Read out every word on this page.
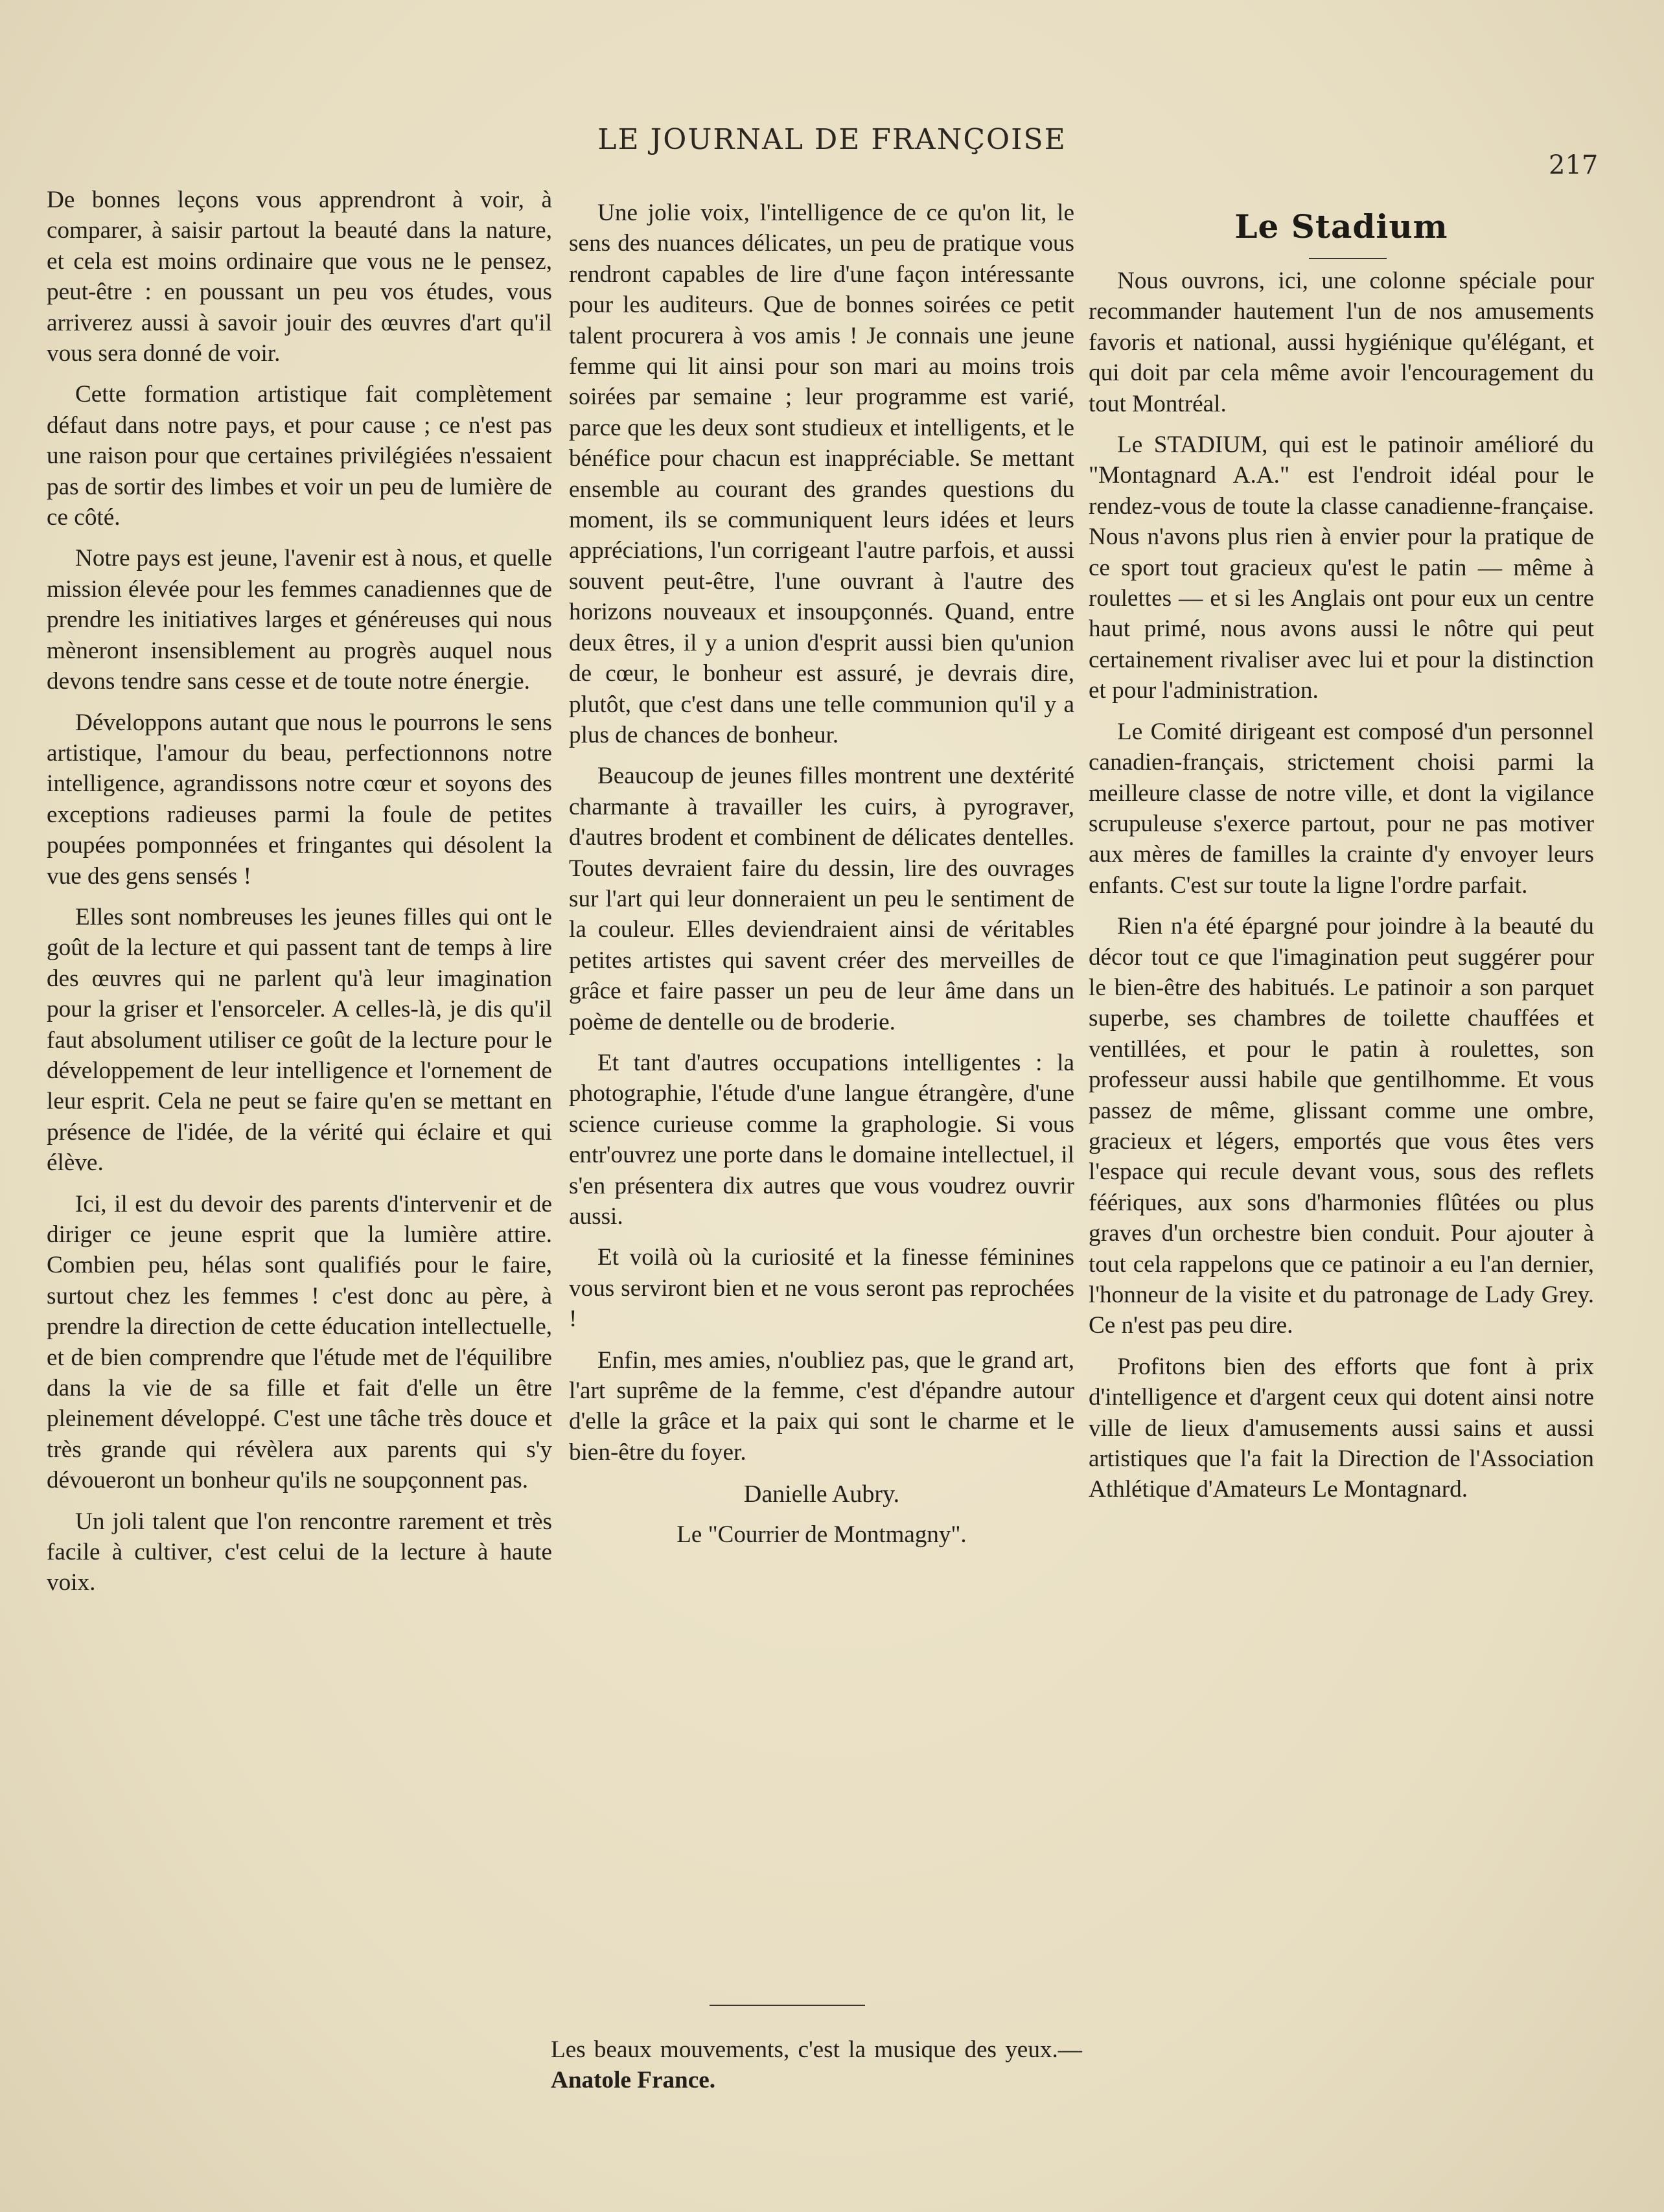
LE JOURNAL DE FRANÇOISE
217

De bonnes leçons vous apprendront à voir, à comparer, à saisir partout la beauté dans la nature, et cela est moins ordinaire que vous ne le pensez, peut-être : en poussant un peu vos études, vous arriverez aussi à savoir jouir des œuvres d'art qu'il vous sera donné de voir.

Cette formation artistique fait complètement défaut dans notre pays, et pour cause ; ce n'est pas une raison pour que certaines privilégiées n'essaient pas de sortir des limbes et voir un peu de lumière de ce côté.

Notre pays est jeune, l'avenir est à nous, et quelle mission élevée pour les femmes canadiennes que de prendre les initiatives larges et généreuses qui nous mèneront insensiblement au progrès auquel nous devons tendre sans cesse et de toute notre énergie.

Développons autant que nous le pourrons le sens artistique, l'amour du beau, perfectionnons notre intelligence, agrandissons notre cœur et soyons des exceptions radieuses parmi la foule de petites poupées pomponnées et fringantes qui désolent la vue des gens sensés !

Elles sont nombreuses les jeunes filles qui ont le goût de la lecture et qui passent tant de temps à lire des œuvres qui ne parlent qu'à leur imagination pour la griser et l'ensorceler. A celles-là, je dis qu'il faut absolument utiliser ce goût de la lecture pour le développement de leur intelligence et l'ornement de leur esprit. Cela ne peut se faire qu'en se mettant en présence de l'idée, de la vérité qui éclaire et qui élève.

Ici, il est du devoir des parents d'intervenir et de diriger ce jeune esprit que la lumière attire. Combien peu, hélas sont qualifiés pour le faire, surtout chez les femmes ! c'est donc au père, à prendre la direction de cette éducation intellectuelle, et de bien comprendre que l'étude met de l'équilibre dans la vie de sa fille et fait d'elle un être pleinement développé. C'est une tâche très douce et très grande qui révèlera aux parents qui s'y dévoueront un bonheur qu'ils ne soupçonnent pas.

Un joli talent que l'on rencontre rarement et très facile à cultiver, c'est celui de la lecture à haute voix.

Une jolie voix, l'intelligence de ce qu'on lit, le sens des nuances délicates, un peu de pratique vous rendront capables de lire d'une façon intéressante pour les auditeurs. Que de bonnes soirées ce petit talent procurera à vos amis ! Je connais une jeune femme qui lit ainsi pour son mari au moins trois soirées par semaine ; leur programme est varié, parce que les deux sont studieux et intelligents, et le bénéfice pour chacun est inappréciable. Se mettant ensemble au courant des grandes questions du moment, ils se communiquent leurs idées et leurs appréciations, l'un corrigeant l'autre parfois, et aussi souvent peut-être, l'une ouvrant à l'autre des horizons nouveaux et insoupçonnés. Quand, entre deux êtres, il y a union d'esprit aussi bien qu'union de cœur, le bonheur est assuré, je devrais dire, plutôt, que c'est dans une telle communion qu'il y a plus de chances de bonheur.

Beaucoup de jeunes filles montrent une dextérité charmante à travailler les cuirs, à pyrograver, d'autres brodent et combinent de délicates dentelles. Toutes devraient faire du dessin, lire des ouvrages sur l'art qui leur donneraient un peu le sentiment de la couleur. Elles deviendraient ainsi de véritables petites artistes qui savent créer des merveilles de grâce et faire passer un peu de leur âme dans un poème de dentelle ou de broderie.

Et tant d'autres occupations intelligentes : la photographie, l'étude d'une langue étrangère, d'une science curieuse comme la graphologie. Si vous entr'ouvrez une porte dans le domaine intellectuel, il s'en présentera dix autres que vous voudrez ouvrir aussi.

Et voilà où la curiosité et la finesse féminines vous serviront bien et ne vous seront pas reprochées !

Enfin, mes amies, n'oubliez pas, que le grand art, l'art suprême de la femme, c'est d'épandre autour d'elle la grâce et la paix qui sont le charme et le bien-être du foyer.

Danielle Aubry.
Le "Courrier de Montmagny".
Les beaux mouvements, c'est la musique des yeux.—Anatole France.
Le Stadium

Nous ouvrons, ici, une colonne spéciale pour recommander hautement l'un de nos amusements favoris et national, aussi hygiénique qu'élégant, et qui doit par cela même avoir l'encouragement du tout Montréal.

Le STADIUM, qui est le patinoir amélioré du "Montagnard A.A." est l'endroit idéal pour le rendez-vous de toute la classe canadienne-française. Nous n'avons plus rien à envier pour la pratique de ce sport tout gracieux qu'est le patin — même à roulettes — et si les Anglais ont pour eux un centre haut primé, nous avons aussi le nôtre qui peut certainement rivaliser avec lui et pour la distinction et pour l'administration.

Le Comité dirigeant est composé d'un personnel canadien-français, strictement choisi parmi la meilleure classe de notre ville, et dont la vigilance scrupuleuse s'exerce partout, pour ne pas motiver aux mères de familles la crainte d'y envoyer leurs enfants. C'est sur toute la ligne l'ordre parfait.

Rien n'a été épargné pour joindre à la beauté du décor tout ce que l'imagination peut suggérer pour le bien-être des habitués. Le patinoir a son parquet superbe, ses chambres de toilette chauffées et ventillées, et pour le patin à roulettes, son professeur aussi habile que gentilhomme. Et vous passez de même, glissant comme une ombre, gracieux et légers, emportés que vous êtes vers l'espace qui recule devant vous, sous des reflets féériques, aux sons d'harmonies flûtées ou plus graves d'un orchestre bien conduit. Pour ajouter à tout cela rappelons que ce patinoir a eu l'an dernier, l'honneur de la visite et du patronage de Lady Grey. Ce n'est pas peu dire.

Profitons bien des efforts que font à prix d'intelligence et d'argent ceux qui dotent ainsi notre ville de lieux d'amusements aussi sains et aussi artistiques que l'a fait la Direction de l'Association Athlétique d'Amateurs Le Montagnard.
